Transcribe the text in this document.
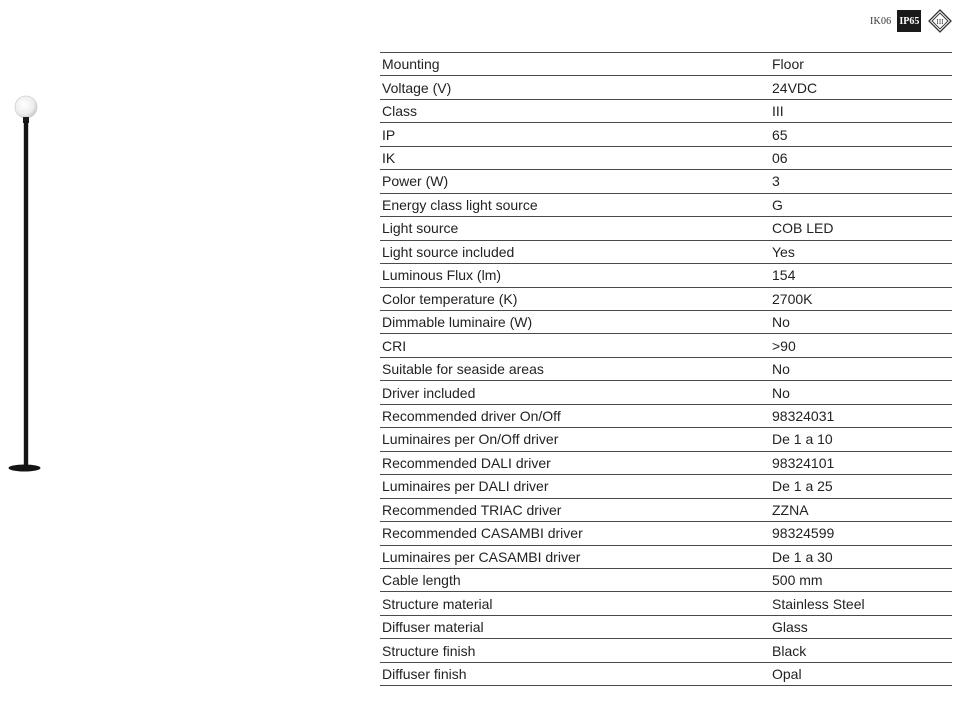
IK06 IP65	III
Mounting	Floor
Voltage (V)	24VDC
Class	III
IP	65
IK	06
Power (W)	3
Energy class light source	G
Light source	COB LED
Light source included	Yes
Luminous Flux (lm)	154
Color temperature (K)	2700K
Dimmable luminaire (W)	No
CRI	>90
Suitable for seaside areas	No
Driver included	No
Recommended driver On/Off	98324031
Luminaires per On/Off driver	De 1 a 10
Recommended DALI driver	98324101
Luminaires per DALI driver	De 1 a 25
Recommended TRIAC driver	ZZNA
Recommended CASAMBI driver	98324599
Luminaires per CASAMBI driver	De 1 a 30
Cable length	500 mm
Structure material	Stainless Steel
Diffuser material	Glass
Structure finish	Black
Diffuser finish	Opal
